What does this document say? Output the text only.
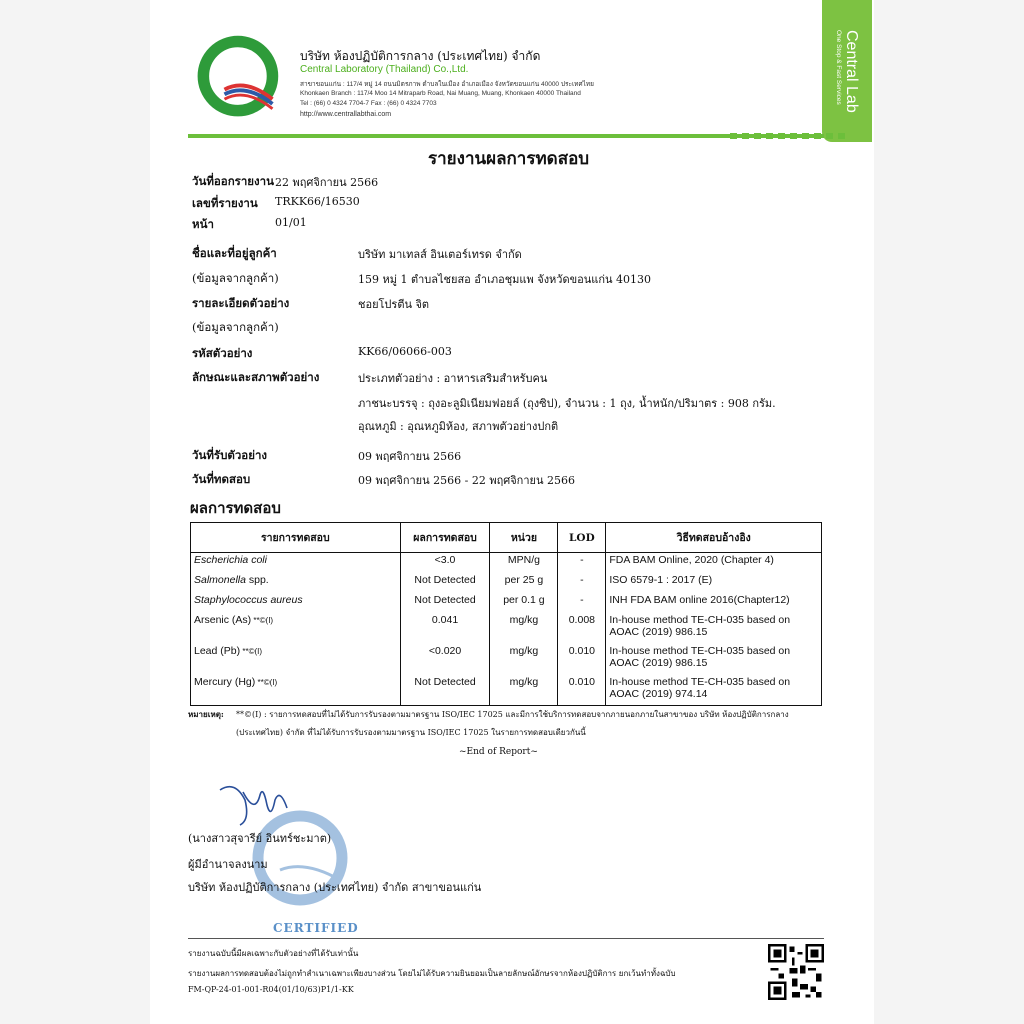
บริษัท ห้องปฏิบัติการกลาง (ประเทศไทย) จำกัด
Central Laboratory (Thailand) Co.,Ltd.
สาขาขอนแก่น : 117/4 หมู่ 14 ถนนมิตรภาพ ตำบลในเมือง อำเภอเมือง จังหวัดขอนแก่น 40000 ประเทศไทย
Khonkaen Branch : 117/4 Moo 14 Mitraparb Road, Nai Muang, Muang, Khonkaen 40000 Thailand
Tel : (66) 0 4324 7704-7 Fax : (66) 0 4324 7703
http://www.centrallabthai.com
Central Lab
One Stop & Fast Services
รายงานผลการทดสอบ
วันที่ออกรายงาน 22 พฤศจิกายน 2566
เลขที่รายงาน TRKK66/16530
หน้า	01/01
ชื่อและที่อยู่ลูกค้า	บริษัท มาเทลส์ อินเตอร์เทรด จำกัด
(ข้อมูลจากลูกค้า)	159 หมู่ 1 ตำบลไชยสอ อำเภอชุมแพ จังหวัดขอนแก่น 40130
รายละเอียดตัวอย่าง	ชอยโปรตีน จิต
(ข้อมูลจากลูกค้า)
รหัสตัวอย่าง	KK66/06066-003
ลักษณะและสภาพตัวอย่าง	ประเภทตัวอย่าง : อาหารเสริมสำหรับคน
ภาชนะบรรจุ : ถุงอะลูมิเนียมฟอยล์ (ถุงซิป), จำนวน : 1 ถุง, น้ำหนัก/ปริมาตร : 908 กรัม.
อุณหภูมิ : อุณหภูมิห้อง, สภาพตัวอย่างปกติ
วันที่รับตัวอย่าง	09 พฤศจิกายน 2566
วันที่ทดสอบ	09 พฤศจิกายน 2566 - 22 พฤศจิกายน 2566
ผลการทดสอบ
รายการทดสอบ	ผลการทดสอบ	หน่วย	LOD	วิธีทดสอบอ้างอิง
Escherichia coli	<3.0	MPN/g	-	FDA BAM Online, 2020 (Chapter 4)
Salmonella spp.	Not Detected	per 25 g	-	ISO 6579-1 : 2017 (E)
Staphylococcus aureus	Not Detected	per 0.1 g	-	INH FDA BAM online 2016(Chapter12)
Arsenic (As) **©(I)	0.041	mg/kg	0.008	In-house method TE-CH-035 based on AOAC (2019) 986.15
Lead (Pb) **©(I)	<0.020	mg/kg	0.010	In-house method TE-CH-035 based on AOAC (2019) 986.15
Mercury (Hg) **©(I)	Not Detected	mg/kg	0.010	In-house method TE-CH-035 based on AOAC (2019) 974.14
หมายเหตุ: **©(I) : รายการทดสอบที่ไม่ได้รับการรับรองตามมาตรฐาน ISO/IEC 17025 และมีการใช้บริการทดสอบจากภายนอกภายในสาขาของ บริษัท ห้องปฏิบัติการกลาง
(ประเทศไทย) จำกัด ที่ไม่ได้รับการรับรองตามมาตรฐาน ISO/IEC 17025 ในรายการทดสอบเดียวกันนี้
~End of Report~
(นางสาวสุจารีย์ อินทร์ชะมาต)
ผู้มีอำนาจลงนาม
บริษัท ห้องปฏิบัติการกลาง (ประเทศไทย) จำกัด สาขาขอนแก่น
CERTIFIED
รายงานฉบับนี้มีผลเฉพาะกับตัวอย่างที่ได้รับเท่านั้น
รายงานผลการทดสอบต้องไม่ถูกทำสำเนาเฉพาะเพียงบางส่วน โดยไม่ได้รับความยินยอมเป็นลายลักษณ์อักษรจากห้องปฏิบัติการ ยกเว้นทำทั้งฉบับ
FM-QP-24-01-001-R04(01/10/63)P1/1-KK
